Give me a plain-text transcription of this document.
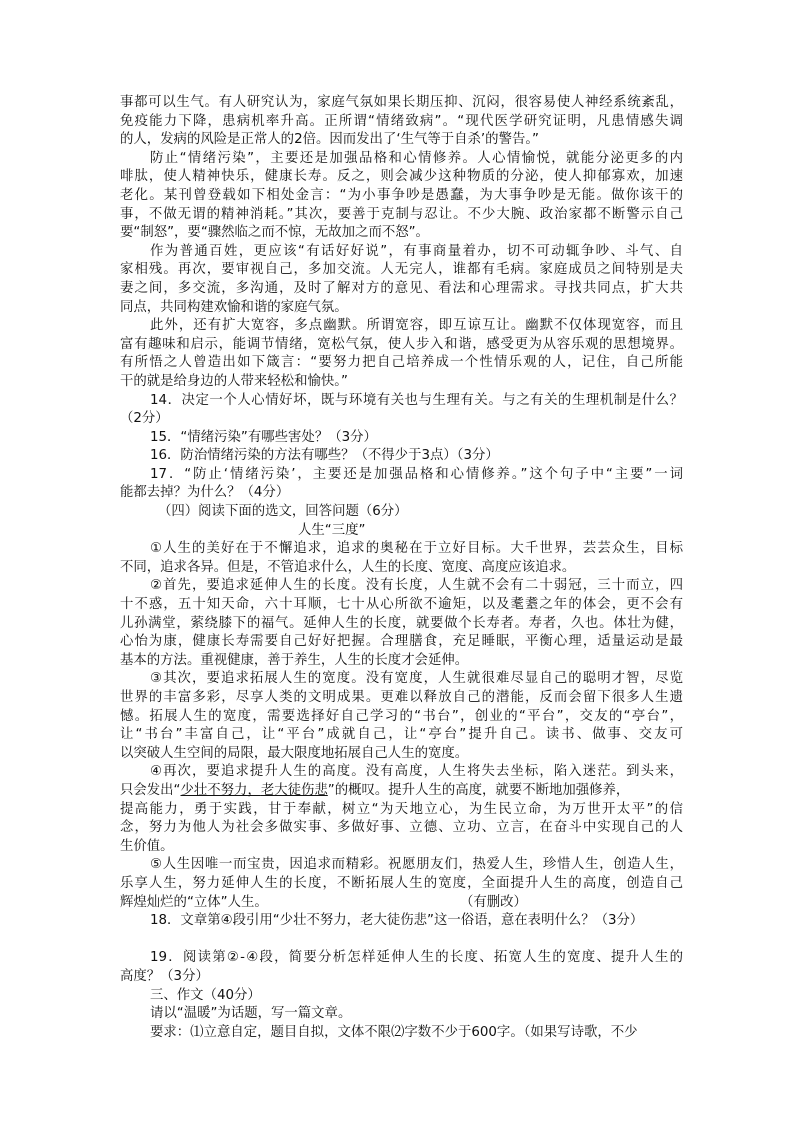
事都可以生气。有人研究认为，家庭气氛如果长期压抑、沉闷，很容易使人神经系统紊乱，
免疫能力下降，患病机率升高。正所谓“情绪致病”。“现代医学研究证明，凡患情感失调
的人，发病的风险是正常人的2倍。因而发出了‘生气等于自杀’的警告。”
防止“情绪污染”，主要还是加强品格和心情修养。人心情愉悦，就能分泌更多的内
啡肽，使人精神快乐，健康长寿。反之，则会减少这种物质的分泌，使人抑郁寡欢，加速
老化。某刊曾登载如下相处金言：“为小事争吵是愚蠢，为大事争吵是无能。做你该干的
事，不做无谓的精神消耗。”其次，要善于克制与忍让。不少大腕、政治家都不断警示自己
要“制怒”，要“骤然临之而不惊，无故加之而不怒”。
作为普通百姓，更应该“有话好好说”，有事商量着办，切不可动辄争吵、斗气、自
家相残。再次，要审视自己，多加交流。人无完人，谁都有毛病。家庭成员之间特别是夫
妻之间，多交流，多沟通，及时了解对方的意见、看法和心理需求。寻找共同点，扩大共
同点，共同构建欢愉和谐的家庭气氛。
此外，还有扩大宽容，多点幽默。所谓宽容，即互谅互让。幽默不仅体现宽容，而且
富有趣味和启示，能调节情绪，宽松气氛，使人步入和谐，感受更为从容乐观的思想境界。
有所悟之人曾造出如下箴言：“要努力把自己培养成一个性情乐观的人，记住，自己所能
干的就是给身边的人带来轻松和愉快。”
14．决定一个人心情好坏，既与环境有关也与生理有关。与之有关的生理机制是什么？
（2分）
15．“情绪污染”有哪些害处？（3分）
16．防治情绪污染的方法有哪些？（不得少于3点）（3分）
17．“防止‘情绪污染’，主要还是加强品格和心情修养。”这个句子中“主要”一词
能都去掉？为什么？（4分）
（四）阅读下面的选文，回答问题（6分）
人生“三度”
①人生的美好在于不懈追求，追求的奥秘在于立好目标。大千世界，芸芸众生，目标
不同，追求各异。但是，不管追求什么，人生的长度、宽度、高度应该追求。
②首先，要追求延伸人生的长度。没有长度，人生就不会有二十弱冠，三十而立，四
十不惑，五十知天命，六十耳顺，七十从心所欲不逾矩，以及耄耋之年的体会，更不会有
儿孙满堂，萦绕膝下的福气。延伸人生的长度，就要做个长寿者。寿者，久也。体壮为健，
心怡为康，健康长寿需要自己好好把握。合理膳食，充足睡眠，平衡心理，适量运动是最
基本的方法。重视健康，善于养生，人生的长度才会延伸。
③其次，要追求拓展人生的宽度。没有宽度，人生就很难尽显自己的聪明才智，尽览
世界的丰富多彩，尽享人类的文明成果。更难以释放自己的潜能，反而会留下很多人生遗
憾。拓展人生的宽度，需要选择好自己学习的“书台”，创业的“平台”，交友的“亭台”，
让“书台”丰富自己，让“平台”成就自己，让“亭台”提升自己。读书、做事、交友可
以突破人生空间的局限，最大限度地拓展自己人生的宽度。
④再次，要追求提升人生的高度。没有高度，人生将失去坐标，陷入迷茫。到头来，
只会发出“少壮不努力，老大徒伤悲”的概叹。提升人生的高度，就要不断地加强修养，
提高能力，勇于实践，甘于奉献，树立“为天地立心，为生民立命，为万世开太平”的信
念，努力为他人为社会多做实事、多做好事、立德、立功、立言，在奋斗中实现自己的人
生价值。
⑤人生因唯一而宝贵，因追求而精彩。祝愿朋友们，热爱人生，珍惜人生，创造人生，
乐享人生，努力延伸人生的长度，不断拓展人生的宽度，全面提升人生的高度，创造自己
辉煌灿烂的“立体”人生。	（有删改）
18．文章第④段引用“少壮不努力，老大徒伤悲”这一俗语，意在表明什么？（3分）
19．阅读第②-④段，简要分析怎样延伸人生的长度、拓宽人生的宽度、提升人生的
高度？（3分）
三、作文（40分）
请以“温暖”为话题，写一篇文章。
要求：⑴立意自定，题目自拟，文体不限⑵字数不少于600字。（如果写诗歌，不少
